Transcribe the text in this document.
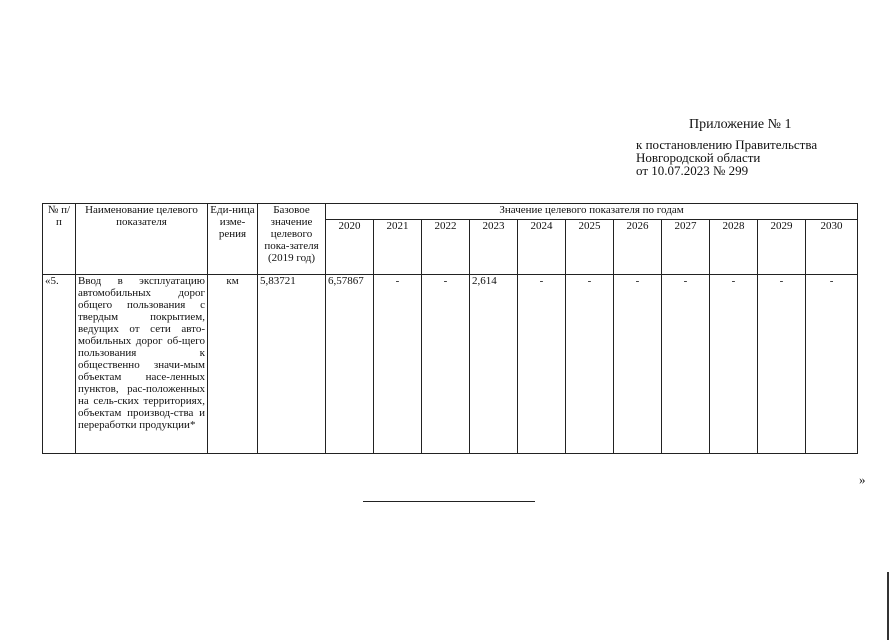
Приложение № 1
к постановлению Правительства
Новгородской области
от 10.07.2023 № 299
№ п/п	Наименование целевого показателя	Еди-ница изме-рения	Базовое значение целевого пока-зателя (2019 год)	Значение целевого показателя по годам										
				2020	2021	2022	2023	2024	2025	2026	2027	2028	2029	2030
«5.	Ввод в эксплуатацию автомобильных дорог общего пользования с твердым покрытием, ведущих от сети авто-мобильных дорог об-щего пользования к общественно значи-мым объектам насе-ленных пунктов, рас-положенных на сель-ских территориях, объектам производ-ства и переработки продукции*	км	5,83721	6,57867	-	-	2,614	-	-	-	-	-	-	-
»
